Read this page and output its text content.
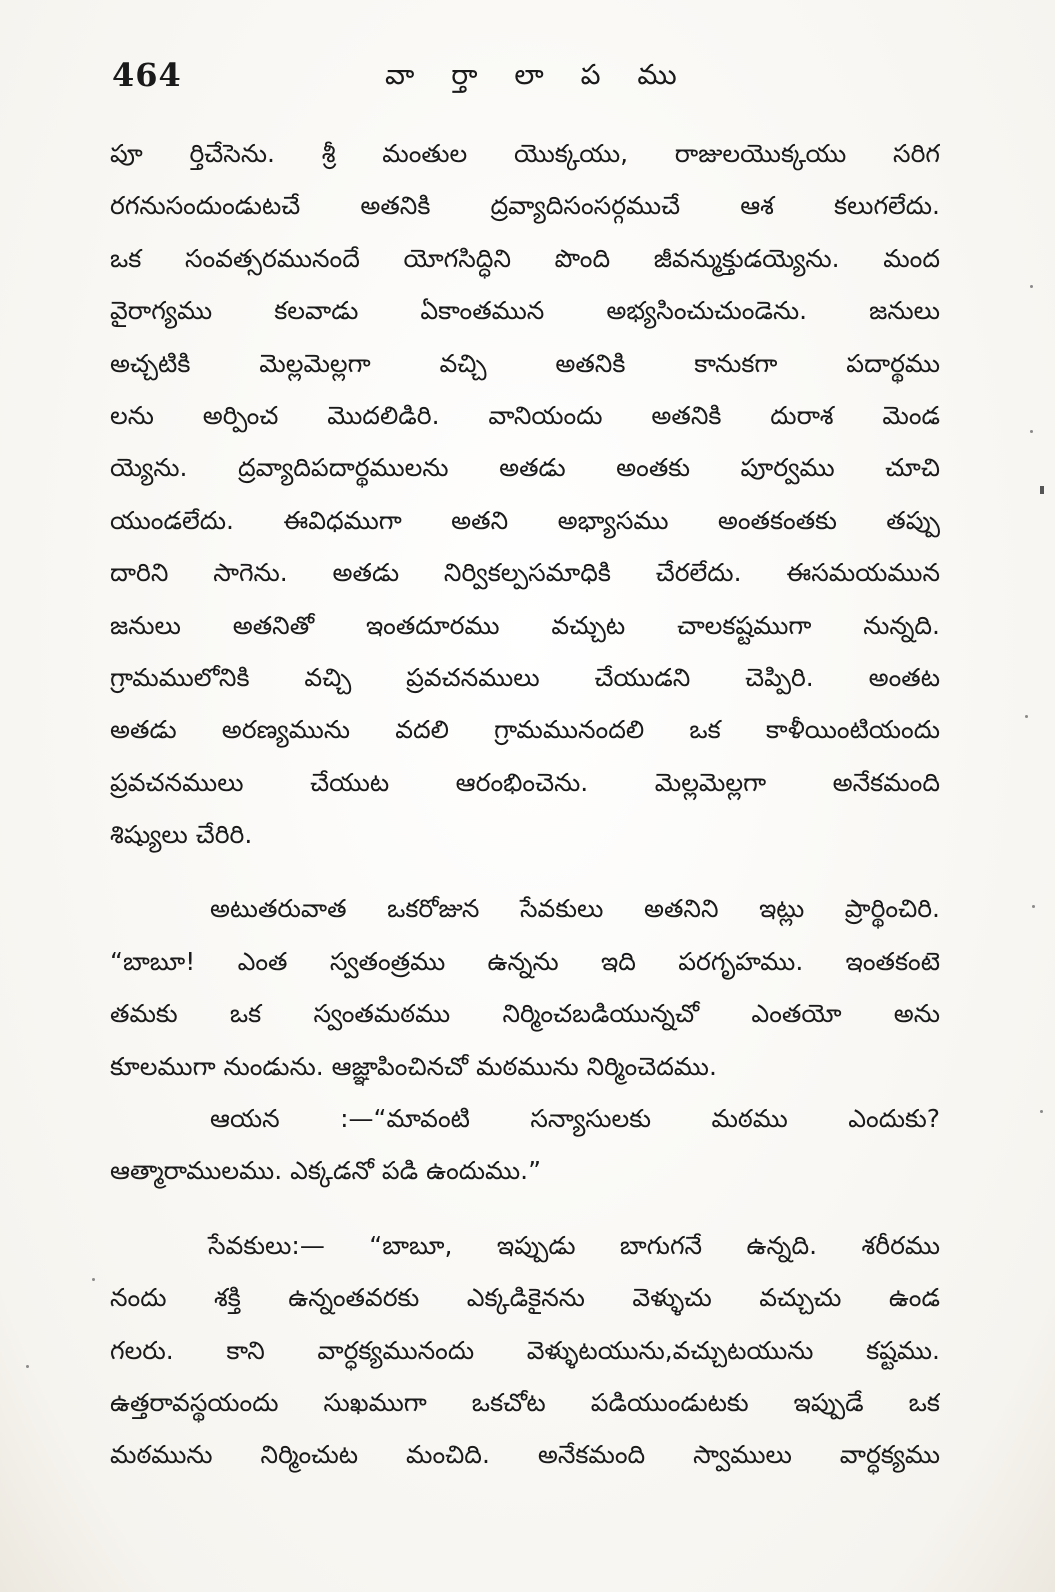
464	వా ర్తా లా ప ము
పూ ర్తిచేసెను. శ్రీ మంతుల యొక్కయు, రాజులయొక్కయు సరిగ
రగనుసందుండుటచే అతనికి ద్రవ్యాదిసంసర్గముచే ఆశ కలుగలేదు.
ఒక సంవత్సరమునందే యోగసిద్ధిని పొంది జీవన్ముక్తుడయ్యెను. మంద
వైరాగ్యము కలవాడు ఏకాంతమున అభ్యసించుచుండెను. జనులు
అచ్చటికి మెల్లమెల్లగా వచ్చి అతనికి కానుకగా పదార్థము
లను అర్పించ మొదలిడిరి. వానియందు అతనికి దురాశ మెండ
య్యెను. ద్రవ్యాదిపదార్థములను అతడు అంతకు పూర్వము చూచి
యుండలేదు. ఈవిధముగా అతని అభ్యాసము అంతకంతకు తప్పు
దారిని సాగెను. అతడు నిర్వికల్పసమాధికి చేరలేదు. ఈసమయమున
జనులు అతనితో ఇంతదూరము వచ్చుట చాలకష్టముగా నున్నది.
గ్రామములోనికి వచ్చి ప్రవచనములు చేయుడని చెప్పిరి. అంతట
అతడు అరణ్యమును వదలి గ్రామమునందలి ఒక కాళీయింటియందు
ప్రవచనములు చేయుట ఆరంభించెను. మెల్లమెల్లగా అనేకమంది
శిష్యులు చేరిరి.
అటుతరువాత ఒకరోజున సేవకులు అతనిని ఇట్లు ప్రార్థించిరి.
“బాబూ! ఎంత స్వతంత్రము ఉన్నను ఇది పరగృహము. ఇంతకంటె
తమకు ఒక స్వంతమఠము నిర్మించబడియున్నచో ఎంతయో అను
కూలముగా నుండును. ఆజ్ఞాపించినచో మఠమును నిర్మించెదము.
ఆయన :—“మావంటి సన్యాసులకు మఠము ఎందుకు?
ఆత్మారాములము. ఎక్కడనో పడి ఉందుము.”
సేవకులు:— “బాబూ, ఇప్పుడు బాగుగనే ఉన్నది. శరీరము
నందు శక్తి ఉన్నంతవరకు ఎక్కడికైనను వెళ్ళుచు వచ్చుచు ఉండ
గలరు. కాని వార్ధక్యమునందు వెళ్ళుటయును,వచ్చుటయును కష్టము.
ఉత్తరావస్థయందు సుఖముగా ఒకచోట పడియుండుటకు ఇప్పుడే ఒక
మఠమును నిర్మించుట మంచిది. అనేకమంది స్వాములు వార్ధక్యము
